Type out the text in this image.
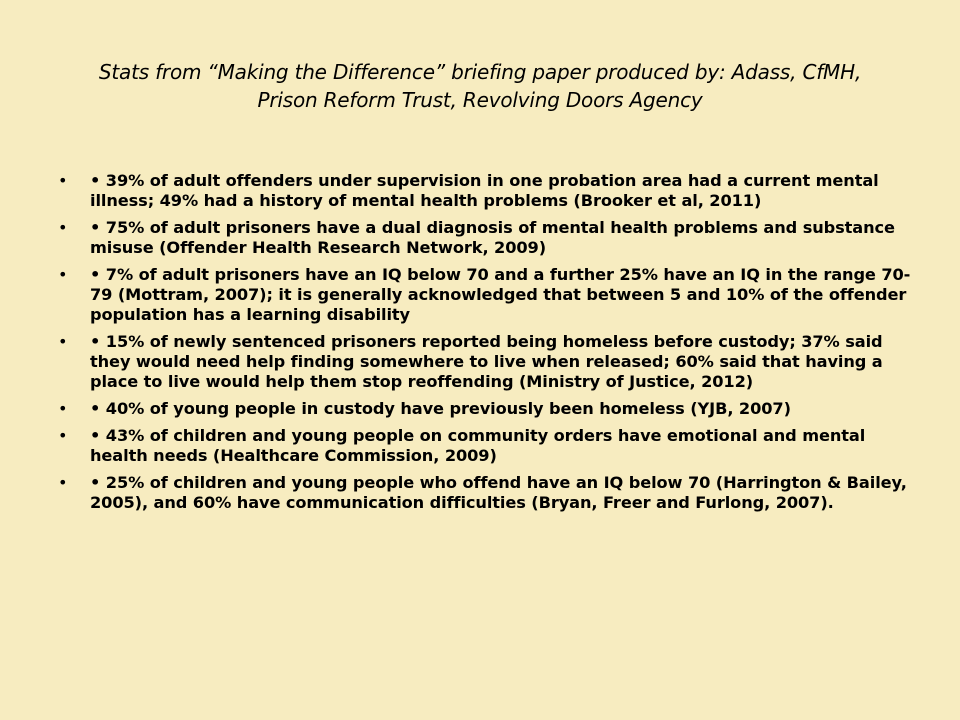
Stats from “Making the Difference” briefing paper produced by: Adass, CfMH,
Prison Reform Trust, Revolving Doors Agency
• • 39% of adult offenders under supervision in one probation area had a current mental illness; 49% had a history of mental health problems (Brooker et al, 2011)
• • 75% of adult prisoners have a dual diagnosis of mental health problems and substance misuse (Offender Health Research Network, 2009)
• • 7% of adult prisoners have an IQ below 70 and a further 25% have an IQ in the range 70-79 (Mottram, 2007); it is generally acknowledged that between 5 and 10% of the offender population has a learning disability
• • 15% of newly sentenced prisoners reported being homeless before custody; 37% said they would need help finding somewhere to live when released; 60% said that having a place to live would help them stop reoffending (Ministry of Justice, 2012)
• • 40% of young people in custody have previously been homeless (YJB, 2007)
• • 43% of children and young people on community orders have emotional and mental health needs (Healthcare Commission, 2009)
• • 25% of children and young people who offend have an IQ below 70 (Harrington & Bailey, 2005), and 60% have communication difficulties (Bryan, Freer and Furlong, 2007).
